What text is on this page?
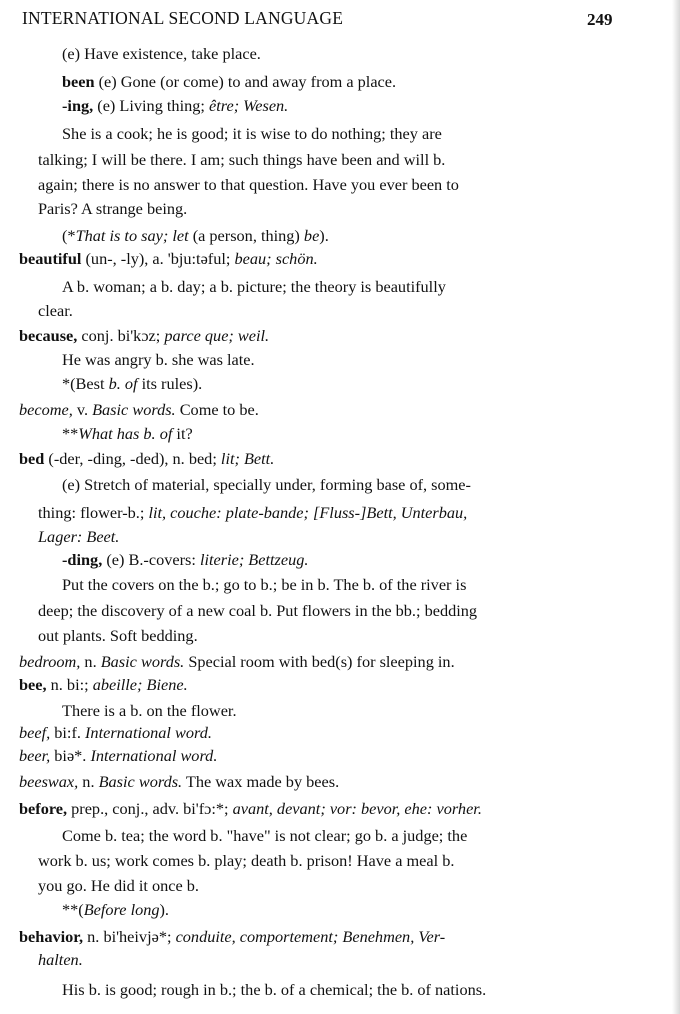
INTERNATIONAL SECOND LANGUAGE	249
(e) Have existence, take place.
been (e) Gone (or come) to and away from a place.
-ing, (e) Living thing; être; Wesen.
She is a cook; he is good; it is wise to do nothing; they are
talking; I will be there. I am; such things have been and will b.
again; there is no answer to that question. Have you ever been to
Paris? A strange being.
(*That is to say; let (a person, thing) be).
beautiful (un-, -ly), a. 'bju:təful; beau; schön.
A b. woman; a b. day; a b. picture; the theory is beautifully
clear.
because, conj. bi'kɔz; parce que; weil.
He was angry b. she was late.
*(Best b. of its rules).
become, v. Basic words. Come to be.
**What has b. of it?
bed (-der, -ding, -ded), n. bed; lit; Bett.
(e) Stretch of material, specially under, forming base of, some-
thing: flower-b.; lit, couche: plate-bande; [Fluss-]Bett, Unterbau,
Lager: Beet.
-ding, (e) B.-covers: literie; Bettzeug.
Put the covers on the b.; go to b.; be in b. The b. of the river is
deep; the discovery of a new coal b. Put flowers in the bb.; bedding
out plants. Soft bedding.
bedroom, n. Basic words. Special room with bed(s) for sleeping in.
bee, n. bi:; abeille; Biene.
There is a b. on the flower.
beef, bi:f. International word.
beer, biə*. International word.
beeswax, n. Basic words. The wax made by bees.
before, prep., conj., adv. bi'fɔ:*; avant, devant; vor: bevor, ehe: vorher.
Come b. tea; the word b. "have" is not clear; go b. a judge; the
work b. us; work comes b. play; death b. prison! Have a meal b.
you go. He did it once b.
**(Before long).
behavior, n. bi'heivjə*; conduite, comportement; Benehmen, Ver-
halten.
His b. is good; rough in b.; the b. of a chemical; the b. of nations.
